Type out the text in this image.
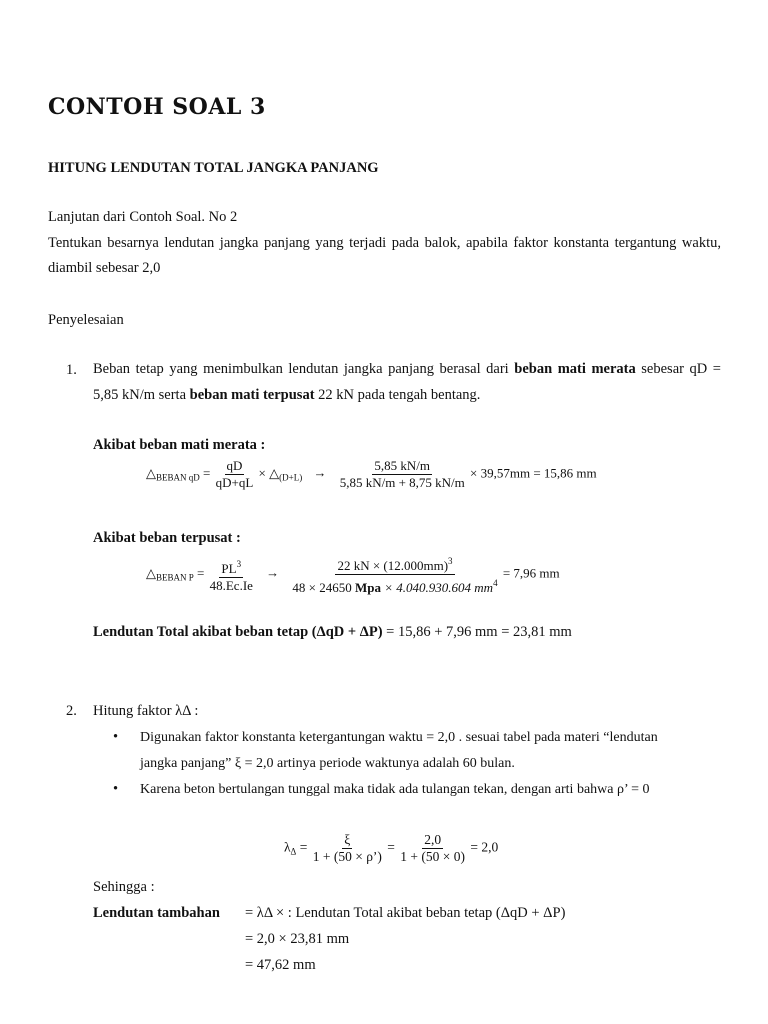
CONTOH SOAL 3
HITUNG LENDUTAN TOTAL JANGKA PANJANG
Lanjutan dari Contoh Soal. No 2
Tentukan besarnya lendutan jangka panjang yang terjadi pada balok, apabila faktor konstanta tergantung waktu, diambil sebesar 2,0
Penyelesaian
1. Beban tetap yang menimbulkan lendutan jangka panjang berasal dari beban mati merata sebesar qD = 5,85 kN/m serta beban mati terpusat 22 kN pada tengah bentang.
Akibat beban mati merata :
$\triangle_{BEBAN qD} = \frac{qD}{qD+qL}$ × $\triangle_{(D+L)} \to \frac{5,85 kN/m}{5,85 kN/m + 8,75 kN/m} \times 39,57mm = 15,86$ mm
Akibat beban terpusat :
$\triangle_{BEBAN P} = \frac{PL^3}{48.Ec.Ie} \to \frac{22 kN \times (12.000mm)^3}{48 \times 24650 Mpa \times 4.040.930.604 mm^4} = 7,96$ mm
Lendutan Total akibat beban tetap (ΔqD + ΔP) = 15,86 + 7,96 mm = 23,81 mm
2. Hitung faktor λΔ :
• Digunakan faktor konstanta ketergantungan waktu = 2,0 . sesuai tabel pada materi “lendutan
jangka panjang” ξ = 2,0 artinya periode waktunya adalah 60 bulan.
• Karena beton bertulangan tunggal maka tidak ada tulangan tekan, dengan arti bahwa ρ’ = 0
$\lambda_\Delta = \frac{\xi}{1 + (50 \times \rho’)} = \frac{2,0}{1 + (50 \times 0)} = 2,0$
Sehingga :
Lendutan tambahan = λΔ × : Lendutan Total akibat beban tetap (ΔqD + ΔP)
= 2,0 × 23,81 mm
= 47,62 mm
